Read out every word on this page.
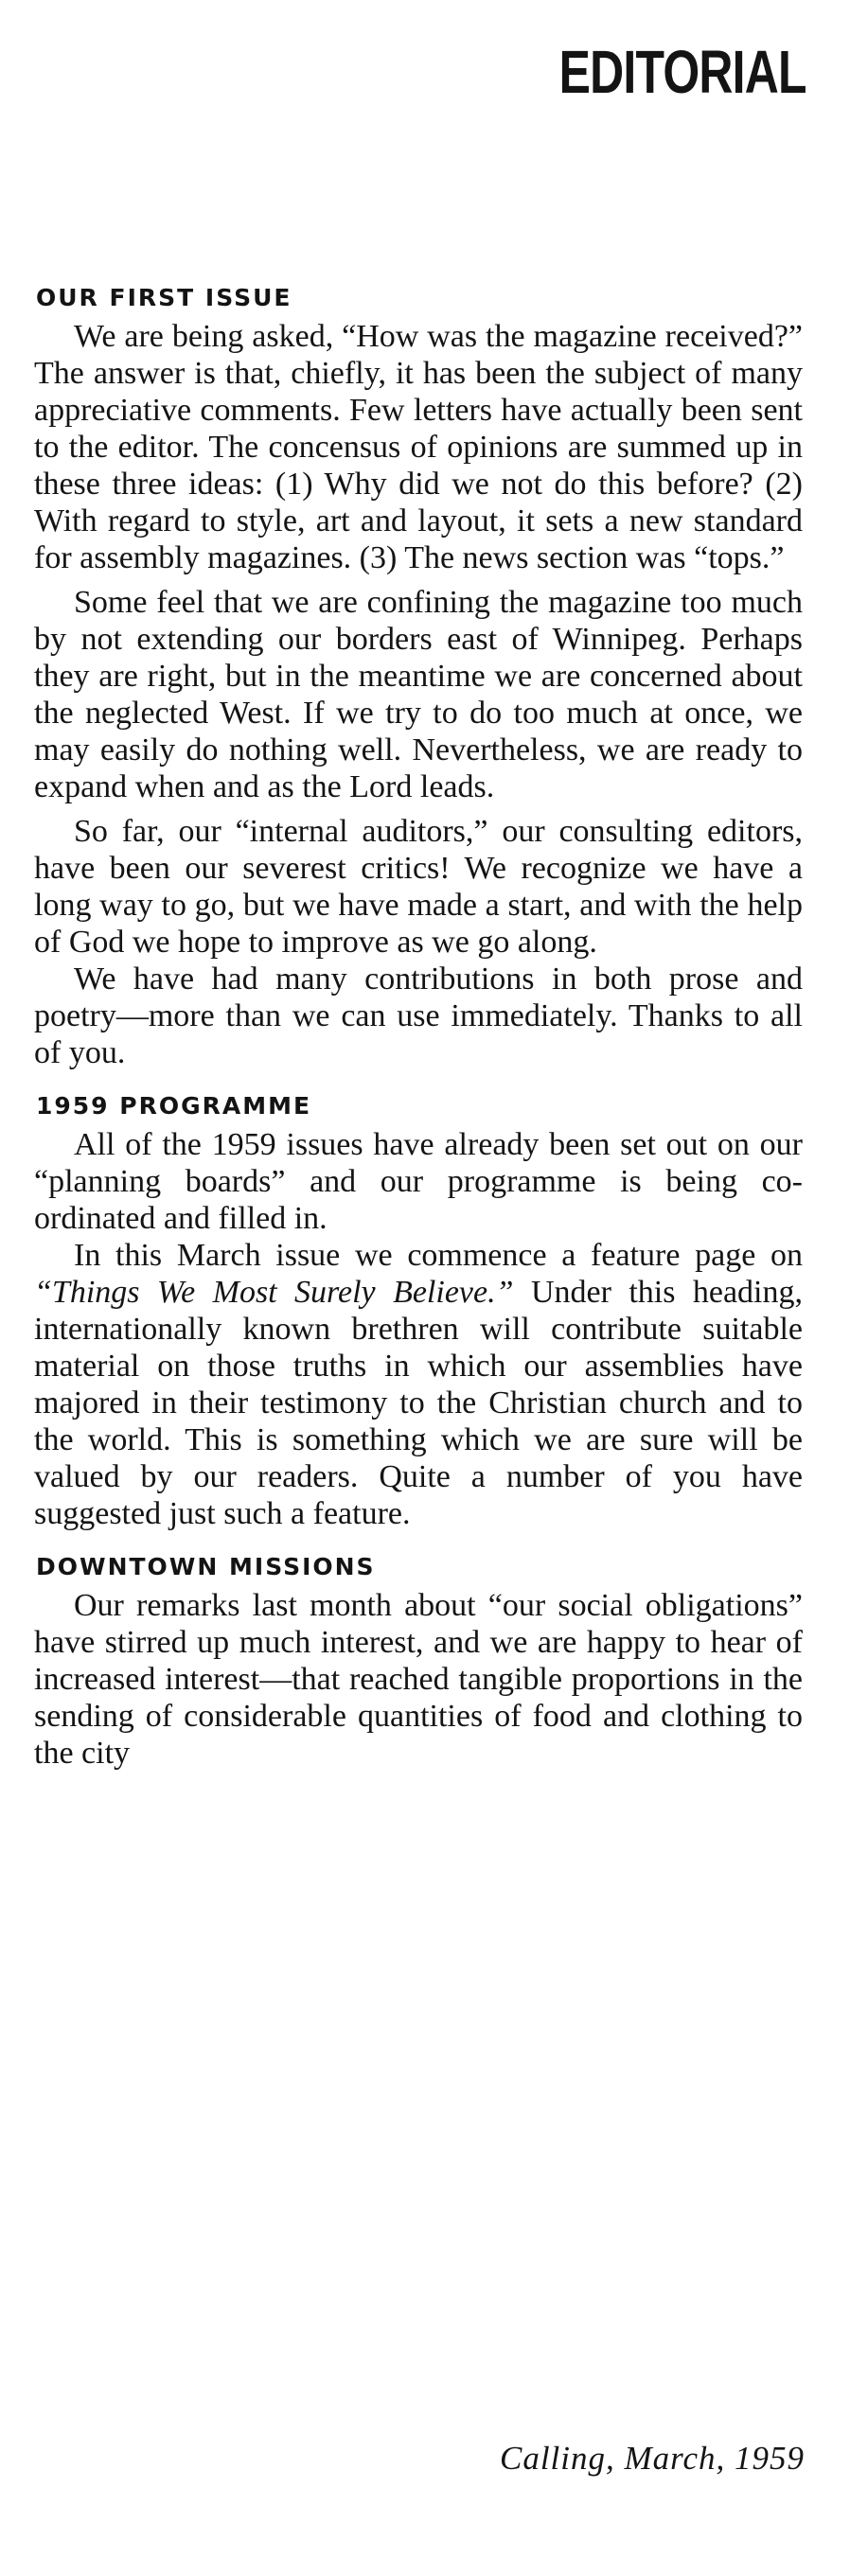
EDITORIAL
OUR FIRST ISSUE

We are being asked, “How was the magazine received?” The answer is that, chiefly, it has been the subject of many appreciative comments. Few letters have actually been sent to the editor. The concensus of opinions are summed up in these three ideas: (1) Why did we not do this before? (2) With regard to style, art and layout, it sets a new standard for assembly magazines. (3) The news section was “tops.”

Some feel that we are confining the magazine too much by not extending our borders east of Winnipeg. Perhaps they are right, but in the meantime we are concerned about the neglected West. If we try to do too much at once, we may easily do nothing well. Nevertheless, we are ready to expand when and as the Lord leads.

So far, our “internal auditors,” our consulting editors, have been our severest critics! We recognize we have a long way to go, but we have made a start, and with the help of God we hope to improve as we go along.

We have had many contributions in both prose and poetry—more than we can use immediately. Thanks to all of you.

1959 PROGRAMME

All of the 1959 issues have already been set out on our “planning boards” and our programme is being co-ordinated and filled in.

In this March issue we commence a feature page on “Things We Most Surely Believe.” Under this heading, internationally known brethren will contribute suitable material on those truths in which our assemblies have majored in their testimony to the Christian church and to the world. This is something which we are sure will be valued by our readers. Quite a number of you have suggested just such a feature.

DOWNTOWN MISSIONS

Our remarks last month about “our social obligations” have stirred up much interest, and we are happy to hear of increased interest—that reached tangible proportions in the sending of considerable quantities of food and clothing to the city

Calling, March, 1959
